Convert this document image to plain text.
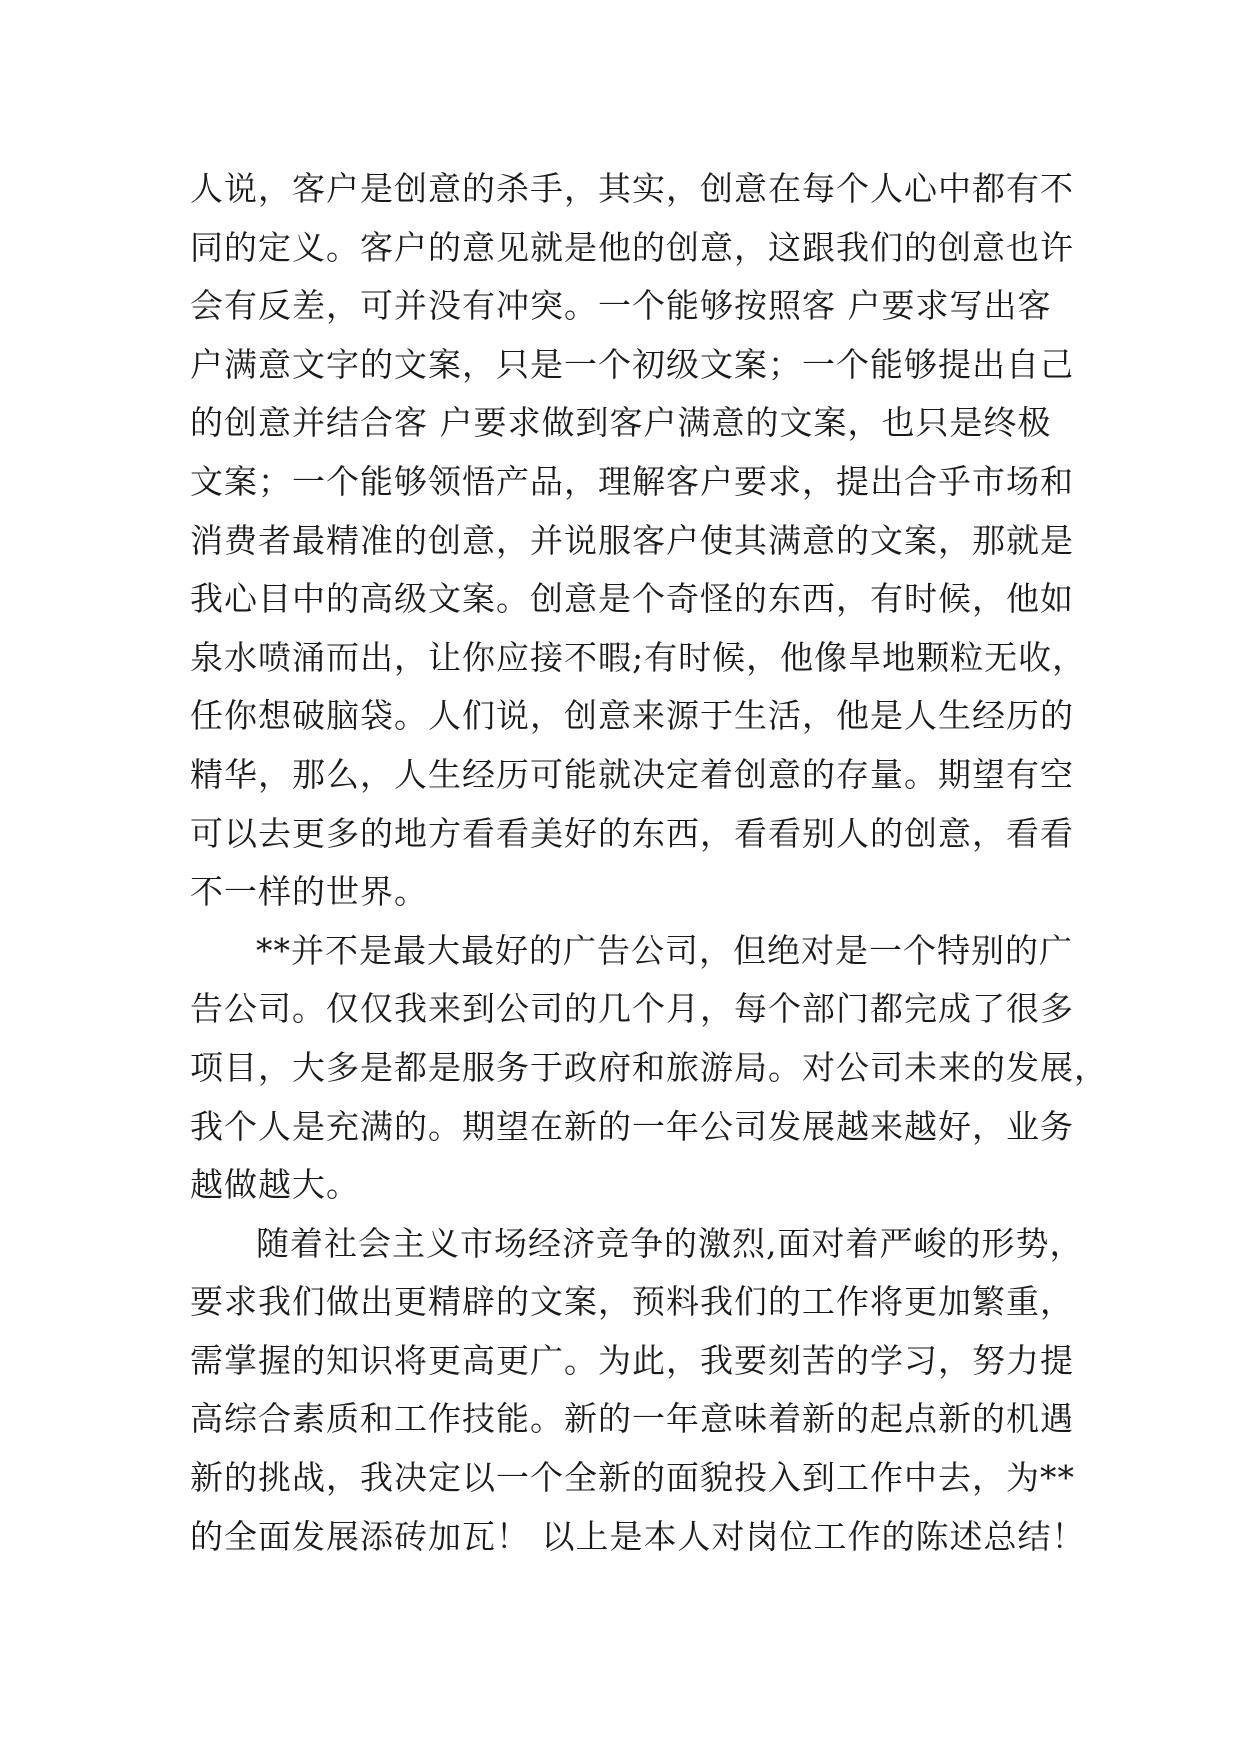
人说，客户是创意的杀手，其实，创意在每个人心中都有不
同的定义。客户的意见就是他的创意，这跟我们的创意也许
会有反差，可并没有冲突。一个能够按照客 户要求写出客
户满意文字的文案，只是一个初级文案；一个能够提出自己
的创意并结合客 户要求做到客户满意的文案，也只是终极
文案；一个能够领悟产品，理解客户要求，提出合乎市场和
消费者最精准的创意，并说服客户使其满意的文案，那就是
我心目中的高级文案。创意是个奇怪的东西，有时候，他如
泉水喷涌而出，让你应接不暇;有时候，他像旱地颗粒无收，
任你想破脑袋。人们说，创意来源于生活，他是人生经历的
精华，那么，人生经历可能就决定着创意的存量。期望有空
可以去更多的地方看看美好的东西，看看别人的创意，看看
不一样的世界。
**并不是最大最好的广告公司，但绝对是一个特别的广
告公司。仅仅我来到公司的几个月，每个部门都完成了很多
项目，大多是都是服务于政府和旅游局。对公司未来的发展，
我个人是充满的。期望在新的一年公司发展越来越好，业务
越做越大。
随着社会主义市场经济竞争的激烈,面对着严峻的形势，
要求我们做出更精辟的文案，预料我们的工作将更加繁重，
需掌握的知识将更高更广。为此，我要刻苦的学习，努力提
高综合素质和工作技能。新的一年意味着新的起点新的机遇
新的挑战，我决定以一个全新的面貌投入到工作中去，为**
的全面发展添砖加瓦！ 以上是本人对岗位工作的陈述总结！
